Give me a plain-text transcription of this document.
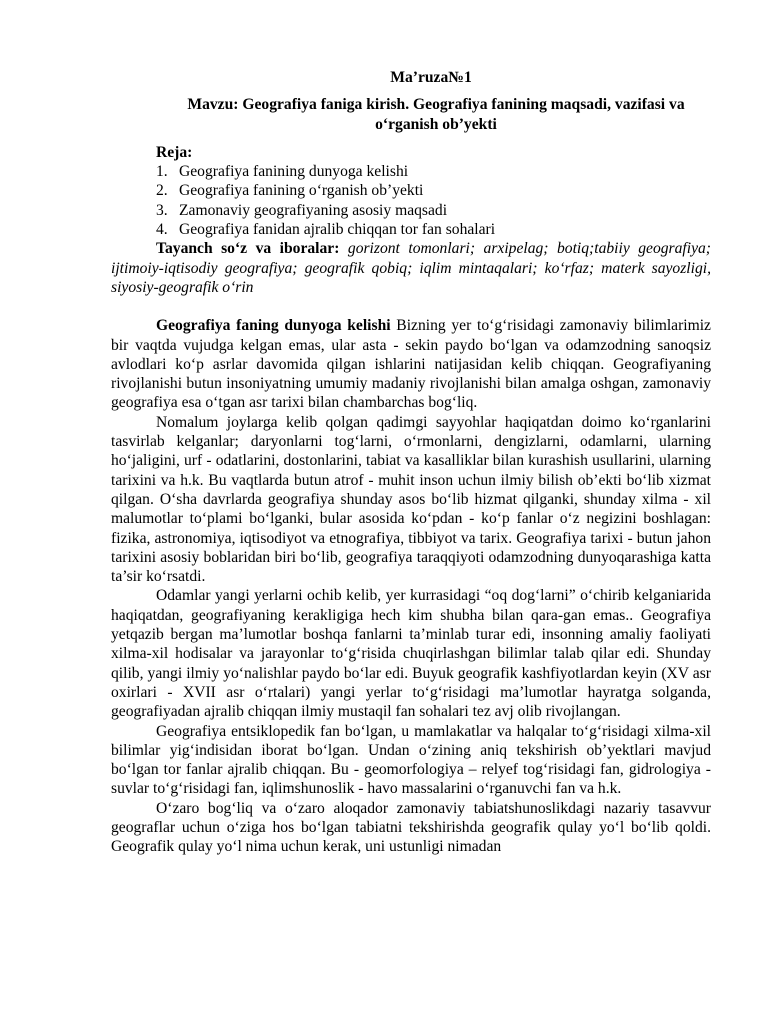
Ma’ruza№1
Mavzu: Geografiya faniga kirish. Geografiya fanining maqsadi, vazifasi va o‘rganish ob’yekti
Reja:
1. Geografiya fanining dunyoga kelishi
2. Geografiya fanining o‘rganish ob’yekti
3. Zamonaviy geografiyaning asosiy maqsadi
4. Geografiya fanidan ajralib chiqqan tor fan sohalari

Tayanch so‘z va iboralar: gorizont tomonlari; arxipelag; botiq;tabiiy geografiya; ijtimoiy-iqtisodiy geografiya; geografik qobiq; iqlim mintaqalari; ko‘rfaz; materk sayozligi, siyosiy-geografik o‘rin

Geografiya faning dunyoga kelishi Bizning yer to‘g‘risidagi zamonaviy bilimlarimiz bir vaqtda vujudga kelgan emas, ular asta - sekin paydo bo‘lgan va odamzodning sanoqsiz avlodlari ko‘p asrlar davomida qilgan ishlarini natijasidan kelib chiqqan. Geografiyaning rivojlanishi butun insoniyatning umumiy madaniy rivojlanishi bilan amalga oshgan, zamonaviy geografiya esa o‘tgan asr tarixi bilan chambarchas bog‘liq.

Nomalum joylarga kelib qolgan qadimgi sayyohlar haqiqatdan doimo ko‘rganlarini tasvirlab kelganlar; daryonlarni tog‘larni, o‘rmonlarni, dengizlarni, odamlarni, ularning ho‘jaligini, urf - odatlarini, dostonlarini, tabiat va kasalliklar bilan kurashish usullarini, ularning tarixini va h.k. Bu vaqtlarda butun atrof - muhit inson uchun ilmiy bilish ob’ekti bo‘lib xizmat qilgan. O‘sha davrlarda geografiya shunday asos bo‘lib hizmat qilganki, shunday xilma - xil malumotlar to‘plami bo‘lganki, bular asosida ko‘pdan - ko‘p fanlar o‘z negizini boshlagan: fizika, astronomiya, iqtisodiyot va etnografiya, tibbiyot va tarix. Geografiya tarixi - butun jahon tarixini asosiy boblaridan biri bo‘lib, geografiya taraqqiyoti odamzodning dunyoqarashiga katta ta’sir ko‘rsatdi.

Odamlar yangi yerlarni ochib kelib, yer kurrasidagi “oq dog‘larni” o‘chirib kelganiarida haqiqatdan, geografiyaning kerakligiga hech kim shubha bilan qara-gan emas.. Geografiya yetqazib bergan ma’lumotlar boshqa fanlarni ta’minlab turar edi, insonning amaliy faoliyati xilma-xil hodisalar va jarayonlar to‘g‘risida chuqirlashgan bilimlar talab qilar edi. Shunday qilib, yangi ilmiy yo‘nalishlar paydo bo‘lar edi. Buyuk geografik kashfiyotlardan keyin (XV asr oxirlari - XVII asr o‘rtalari) yangi yerlar to‘g‘risidagi ma’lumotlar hayratga solganda, geografiyadan ajralib chiqqan ilmiy mustaqil fan sohalari tez avj olib rivojlangan.

Geografiya entsiklopedik fan bo‘lgan, u mamlakatlar va halqalar to‘g‘risidagi xilma-xil bilimlar yig‘indisidan iborat bo‘lgan. Undan o‘zining aniq tekshirish ob’yektlari mavjud bo‘lgan tor fanlar ajralib chiqqan. Bu - geomorfologiya – relyef tog‘risidagi fan, gidrologiya - suvlar to‘g‘risidagi fan, iqlimshunoslik - havo massalarini o‘rganuvchi fan va h.k.

O‘zaro bog‘liq va o‘zaro aloqador zamonaviy tabiatshunoslikdagi nazariy tasavvur geograflar uchun o‘ziga hos bo‘lgan tabiatni tekshirishda geografik qulay yo‘l bo‘lib qoldi. Geografik qulay yo‘l nima uchun kerak, uni ustunligi nimadan
